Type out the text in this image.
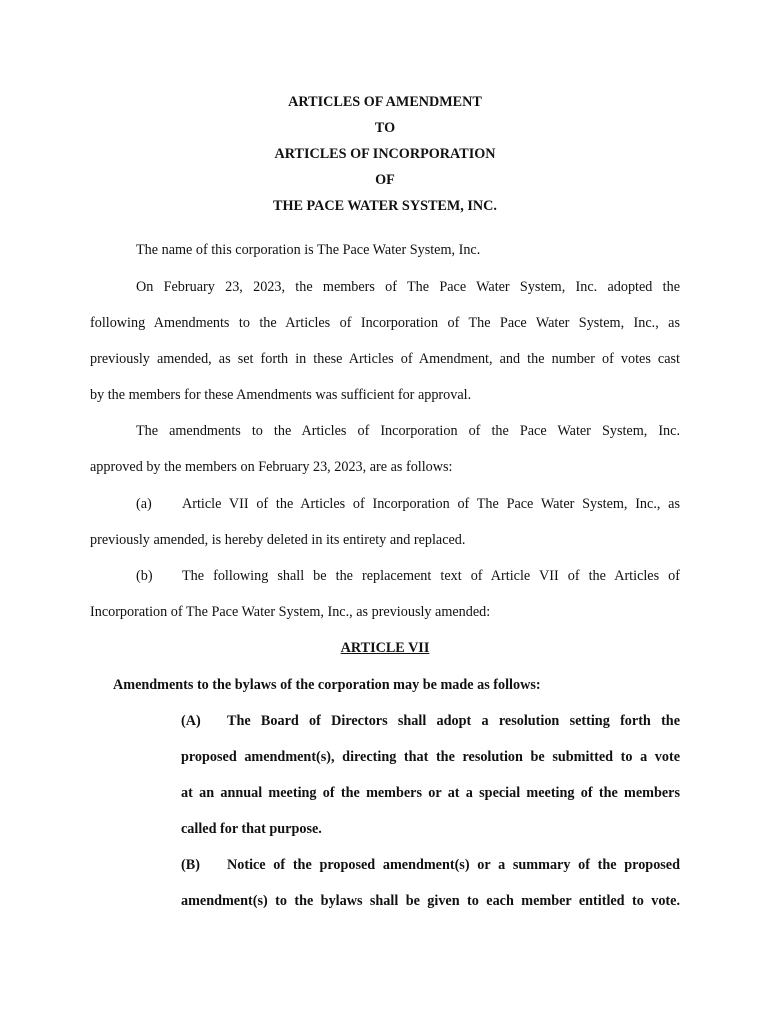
ARTICLES OF AMENDMENT
TO
ARTICLES OF INCORPORATION
OF
THE PACE WATER SYSTEM, INC.
The name of this corporation is The Pace Water System, Inc.
On February 23, 2023, the members of The Pace Water System, Inc. adopted the
following Amendments to the Articles of Incorporation of The Pace Water System, Inc., as
previously amended, as set forth in these Articles of Amendment, and the number of votes cast
by the members for these Amendments was sufficient for approval.
The amendments to the Articles of Incorporation of the Pace Water System, Inc.
approved by the members on February 23, 2023, are as follows:
(a) Article VII of the Articles of Incorporation of The Pace Water System, Inc., as
previously amended, is hereby deleted in its entirety and replaced.
(b) The following shall be the replacement text of Article VII of the Articles of
Incorporation of The Pace Water System, Inc., as previously amended:
ARTICLE VII
Amendments to the bylaws of the corporation may be made as follows:
(A) The Board of Directors shall adopt a resolution setting forth the
proposed amendment(s), directing that the resolution be submitted to a vote
at an annual meeting of the members or at a special meeting of the members
called for that purpose.
(B) Notice of the proposed amendment(s) or a summary of the proposed
amendment(s) to the bylaws shall be given to each member entitled to vote.
